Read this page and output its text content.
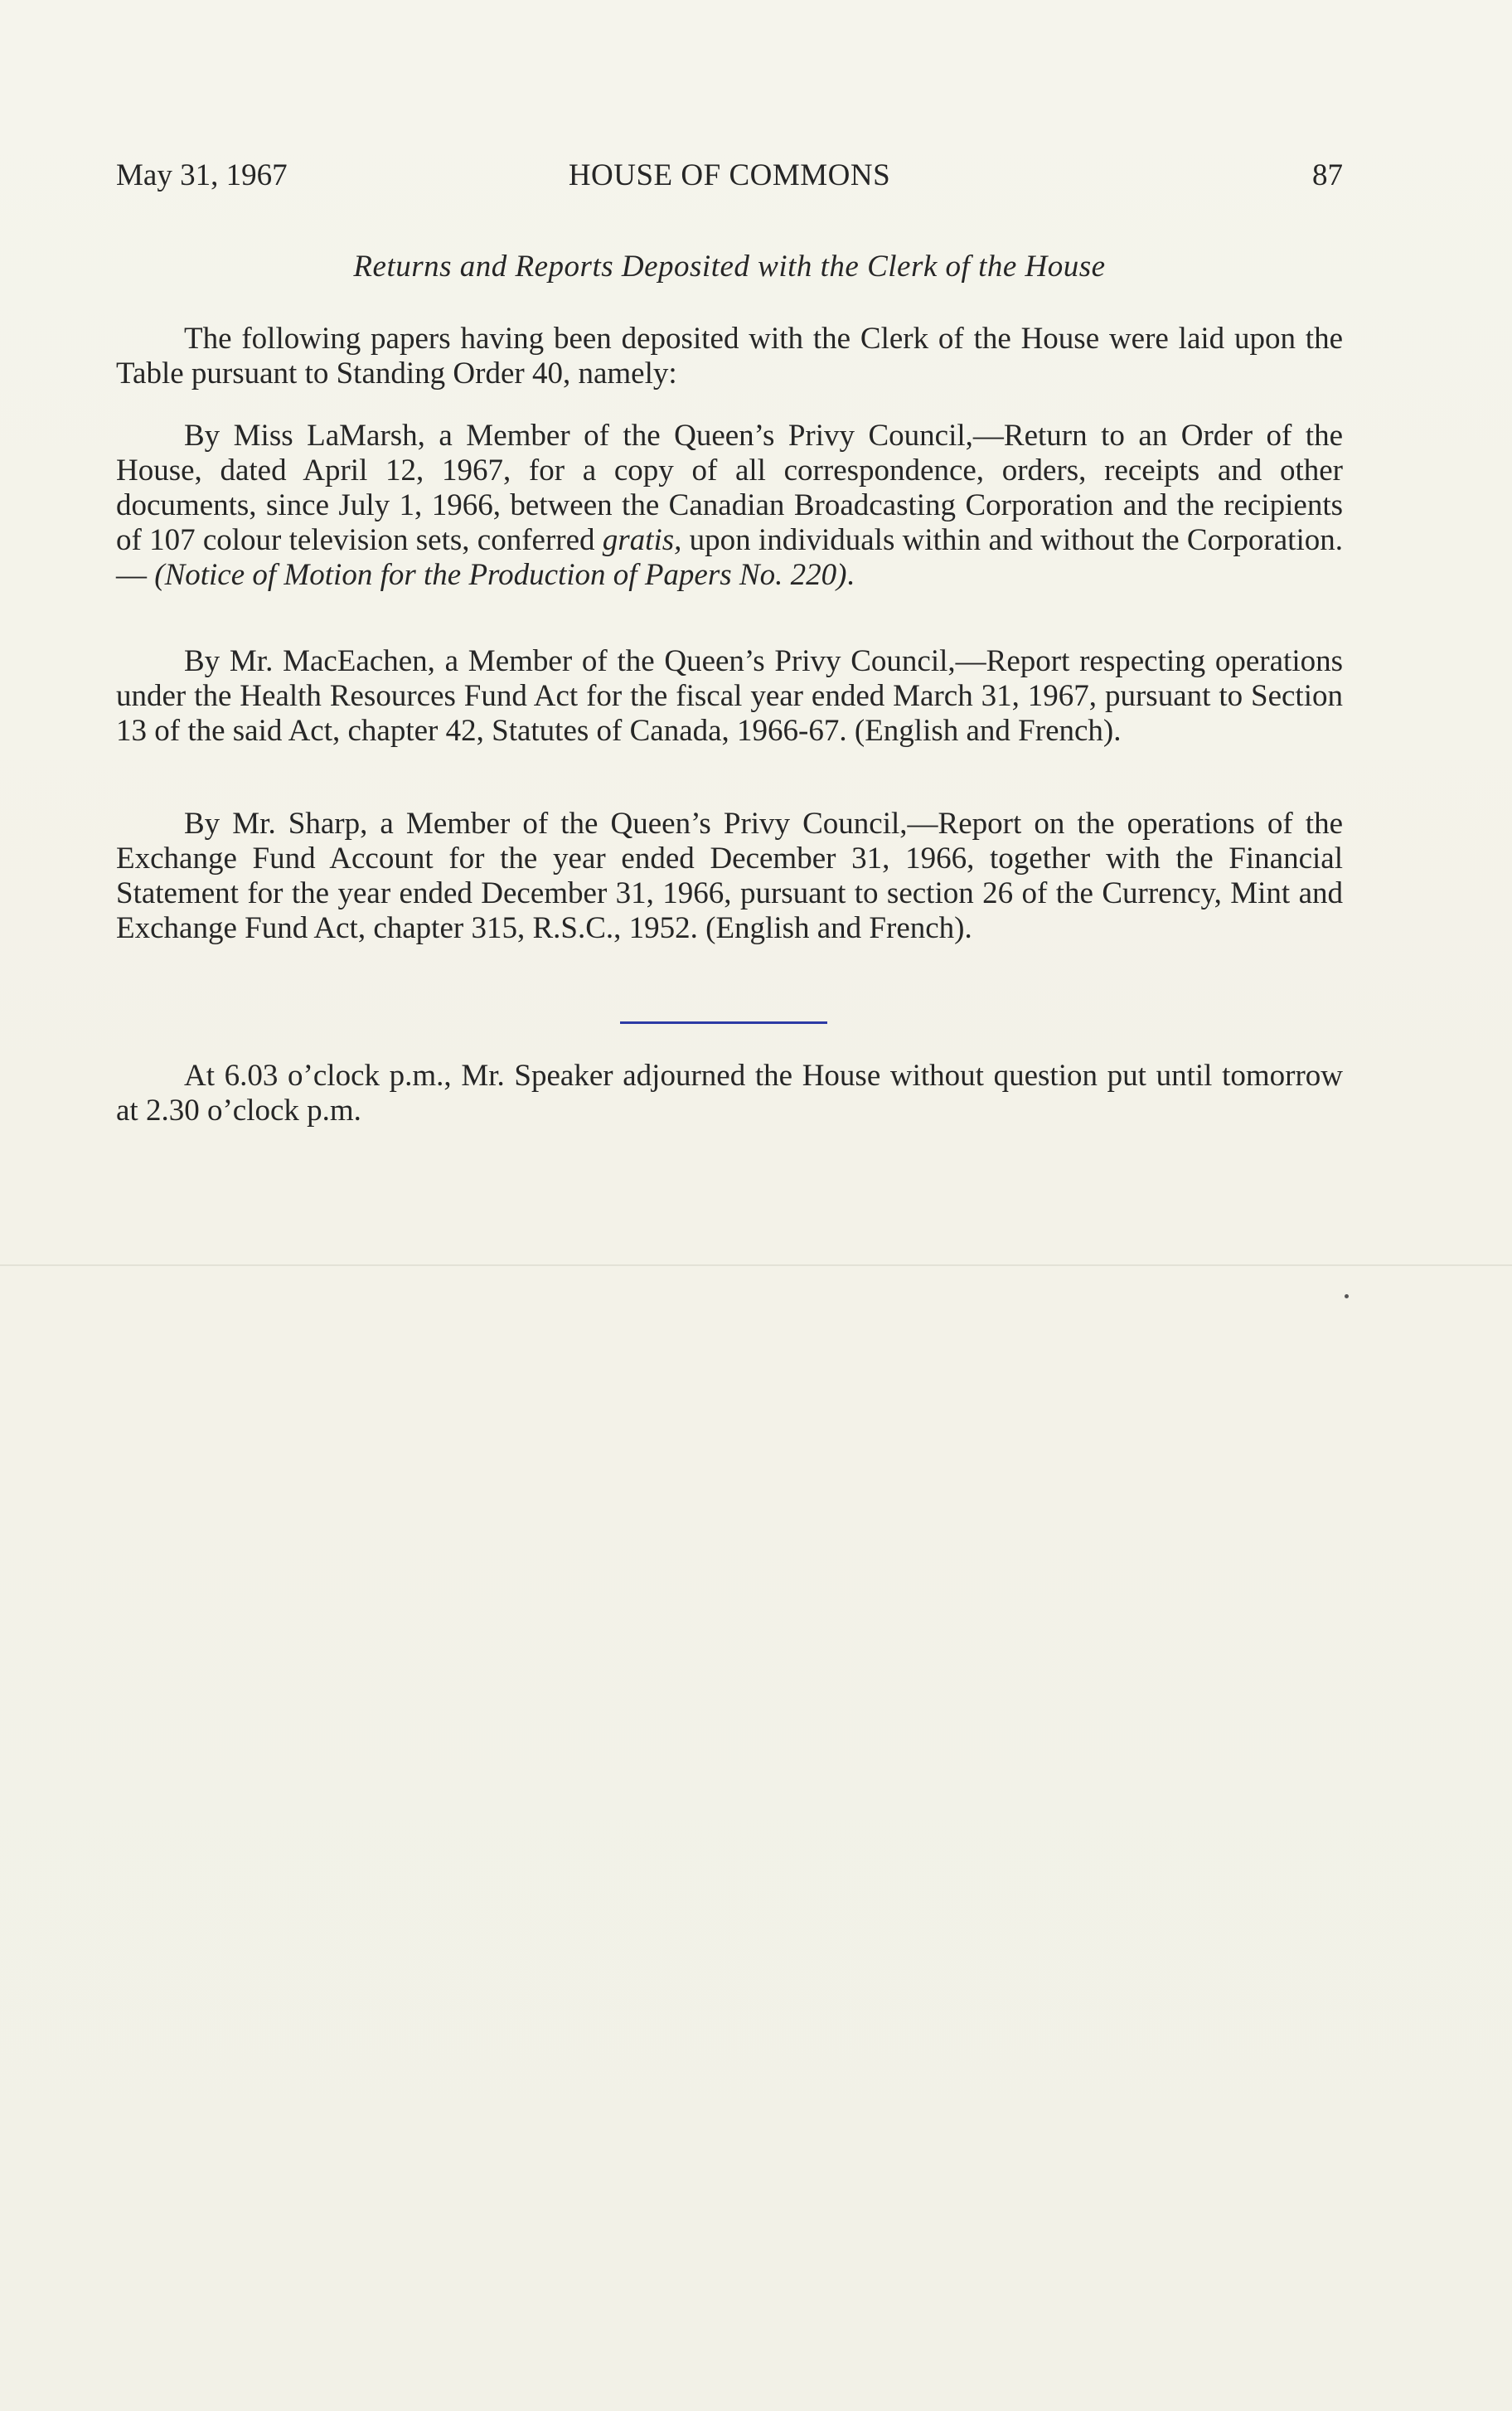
May 31, 1967	HOUSE OF COMMONS	87
Returns and Reports Deposited with the Clerk of the House

The following papers having been deposited with the Clerk of the House were laid upon the Table pursuant to Standing Order 40, namely:

By Miss LaMarsh, a Member of the Queen’s Privy Council,—Return to an Order of the House, dated April 12, 1967, for a copy of all correspondence, orders, receipts and other documents, since July 1, 1966, between the Canadian Broadcasting Corporation and the recipients of 107 colour television sets, conferred gratis, upon individuals within and without the Corporation.— (Notice of Motion for the Production of Papers No. 220).

By Mr. MacEachen, a Member of the Queen’s Privy Council,—Report respecting operations under the Health Resources Fund Act for the fiscal year ended March 31, 1967, pursuant to Section 13 of the said Act, chapter 42, Statutes of Canada, 1966-67. (English and French).

By Mr. Sharp, a Member of the Queen’s Privy Council,—Report on the operations of the Exchange Fund Account for the year ended December 31, 1966, together with the Financial Statement for the year ended December 31, 1966, pursuant to section 26 of the Currency, Mint and Exchange Fund Act, chapter 315, R.S.C., 1952. (English and French).

At 6.03 o’clock p.m., Mr. Speaker adjourned the House without question put until tomorrow at 2.30 o’clock p.m.
